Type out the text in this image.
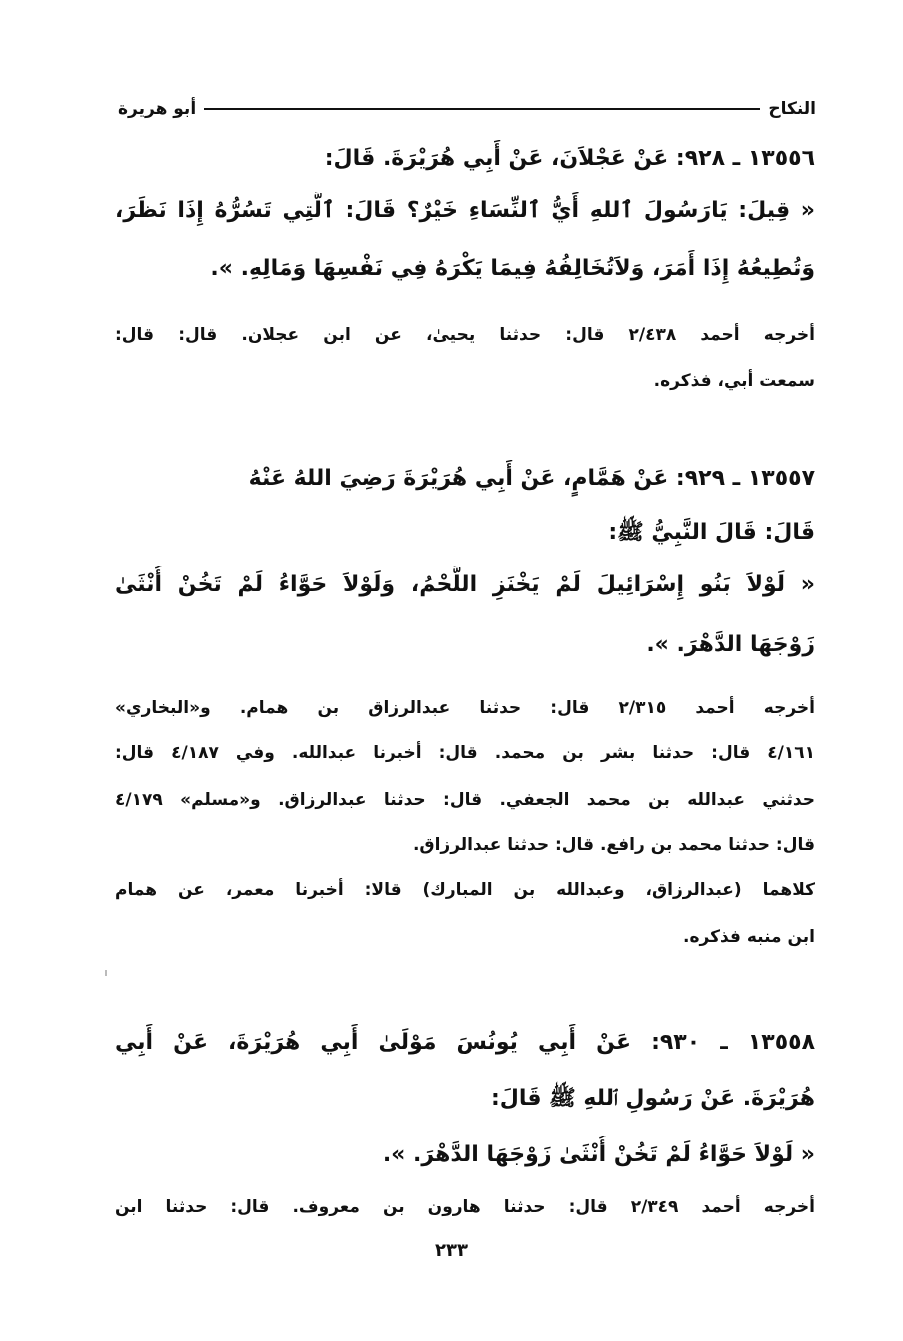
النكاح
أبو هريرة
١٣٥٥٦ ـ ٩٢٨: عَنْ عَجْلاَنَ، عَنْ أَبِي هُرَيْرَةَ. قَالَ:
« قِيلَ: يَارَسُولَ ٱللهِ أَيُّ ٱلنِّسَاءِ خَيْرٌ؟ قَالَ: ٱلَّتِي تَسُرُّهُ إِذَا نَظَرَ،
وَتُطِيعُهُ إِذَا أَمَرَ، وَلاَتُخَالِفُهُ فِيمَا يَكْرَهُ فِي نَفْسِهَا وَمَالِهِ. ».
أخرجه أحمد ٢/٤٣٨ قال: حدثنا يحيىٰ، عن ابن عجلان. قال: قال:
سمعت أبي، فذكره.
١٣٥٥٧ ـ ٩٢٩: عَنْ هَمَّامٍ، عَنْ أَبِي هُرَيْرَةَ رَضِيَ اللهُ عَنْهُ
قَالَ: قَالَ النَّبِيُّ ﷺ:
« لَوْلاَ بَنُو إِسْرَائِيلَ لَمْ يَخْنَزِ اللَّحْمُ، وَلَوْلاَ حَوَّاءُ لَمْ تَخُنْ أُنْثَىٰ
زَوْجَهَا الدَّهْرَ. ».
أخرجه أحمد ٢/٣١٥ قال: حدثنا عبدالرزاق بن همام. و«البخاري»
٤/١٦١ قال: حدثنا بشر بن محمد. قال: أخبرنا عبدالله. وفي ٤/١٨٧ قال:
حدثني عبدالله بن محمد الجعفي. قال: حدثنا عبدالرزاق. و«مسلم» ٤/١٧٩
قال: حدثنا محمد بن رافع. قال: حدثنا عبدالرزاق.
كلاهما (عبدالرزاق، وعبدالله بن المبارك) قالا: أخبرنا معمر، عن همام
ابن منبه فذكره.
١٣٥٥٨ ـ ٩٣٠: عَنْ أَبِي يُونُسَ مَوْلَىٰ أَبِي هُرَيْرَةَ، عَنْ أَبِي
هُرَيْرَةَ. عَنْ رَسُولِ ٱللهِ ﷺ قَالَ:
« لَوْلاَ حَوَّاءُ لَمْ تَخُنْ أُنْثَىٰ زَوْجَهَا الدَّهْرَ. ».
أخرجه أحمد ٢/٣٤٩ قال: حدثنا هارون بن معروف. قال: حدثنا ابن
٢٣٣
